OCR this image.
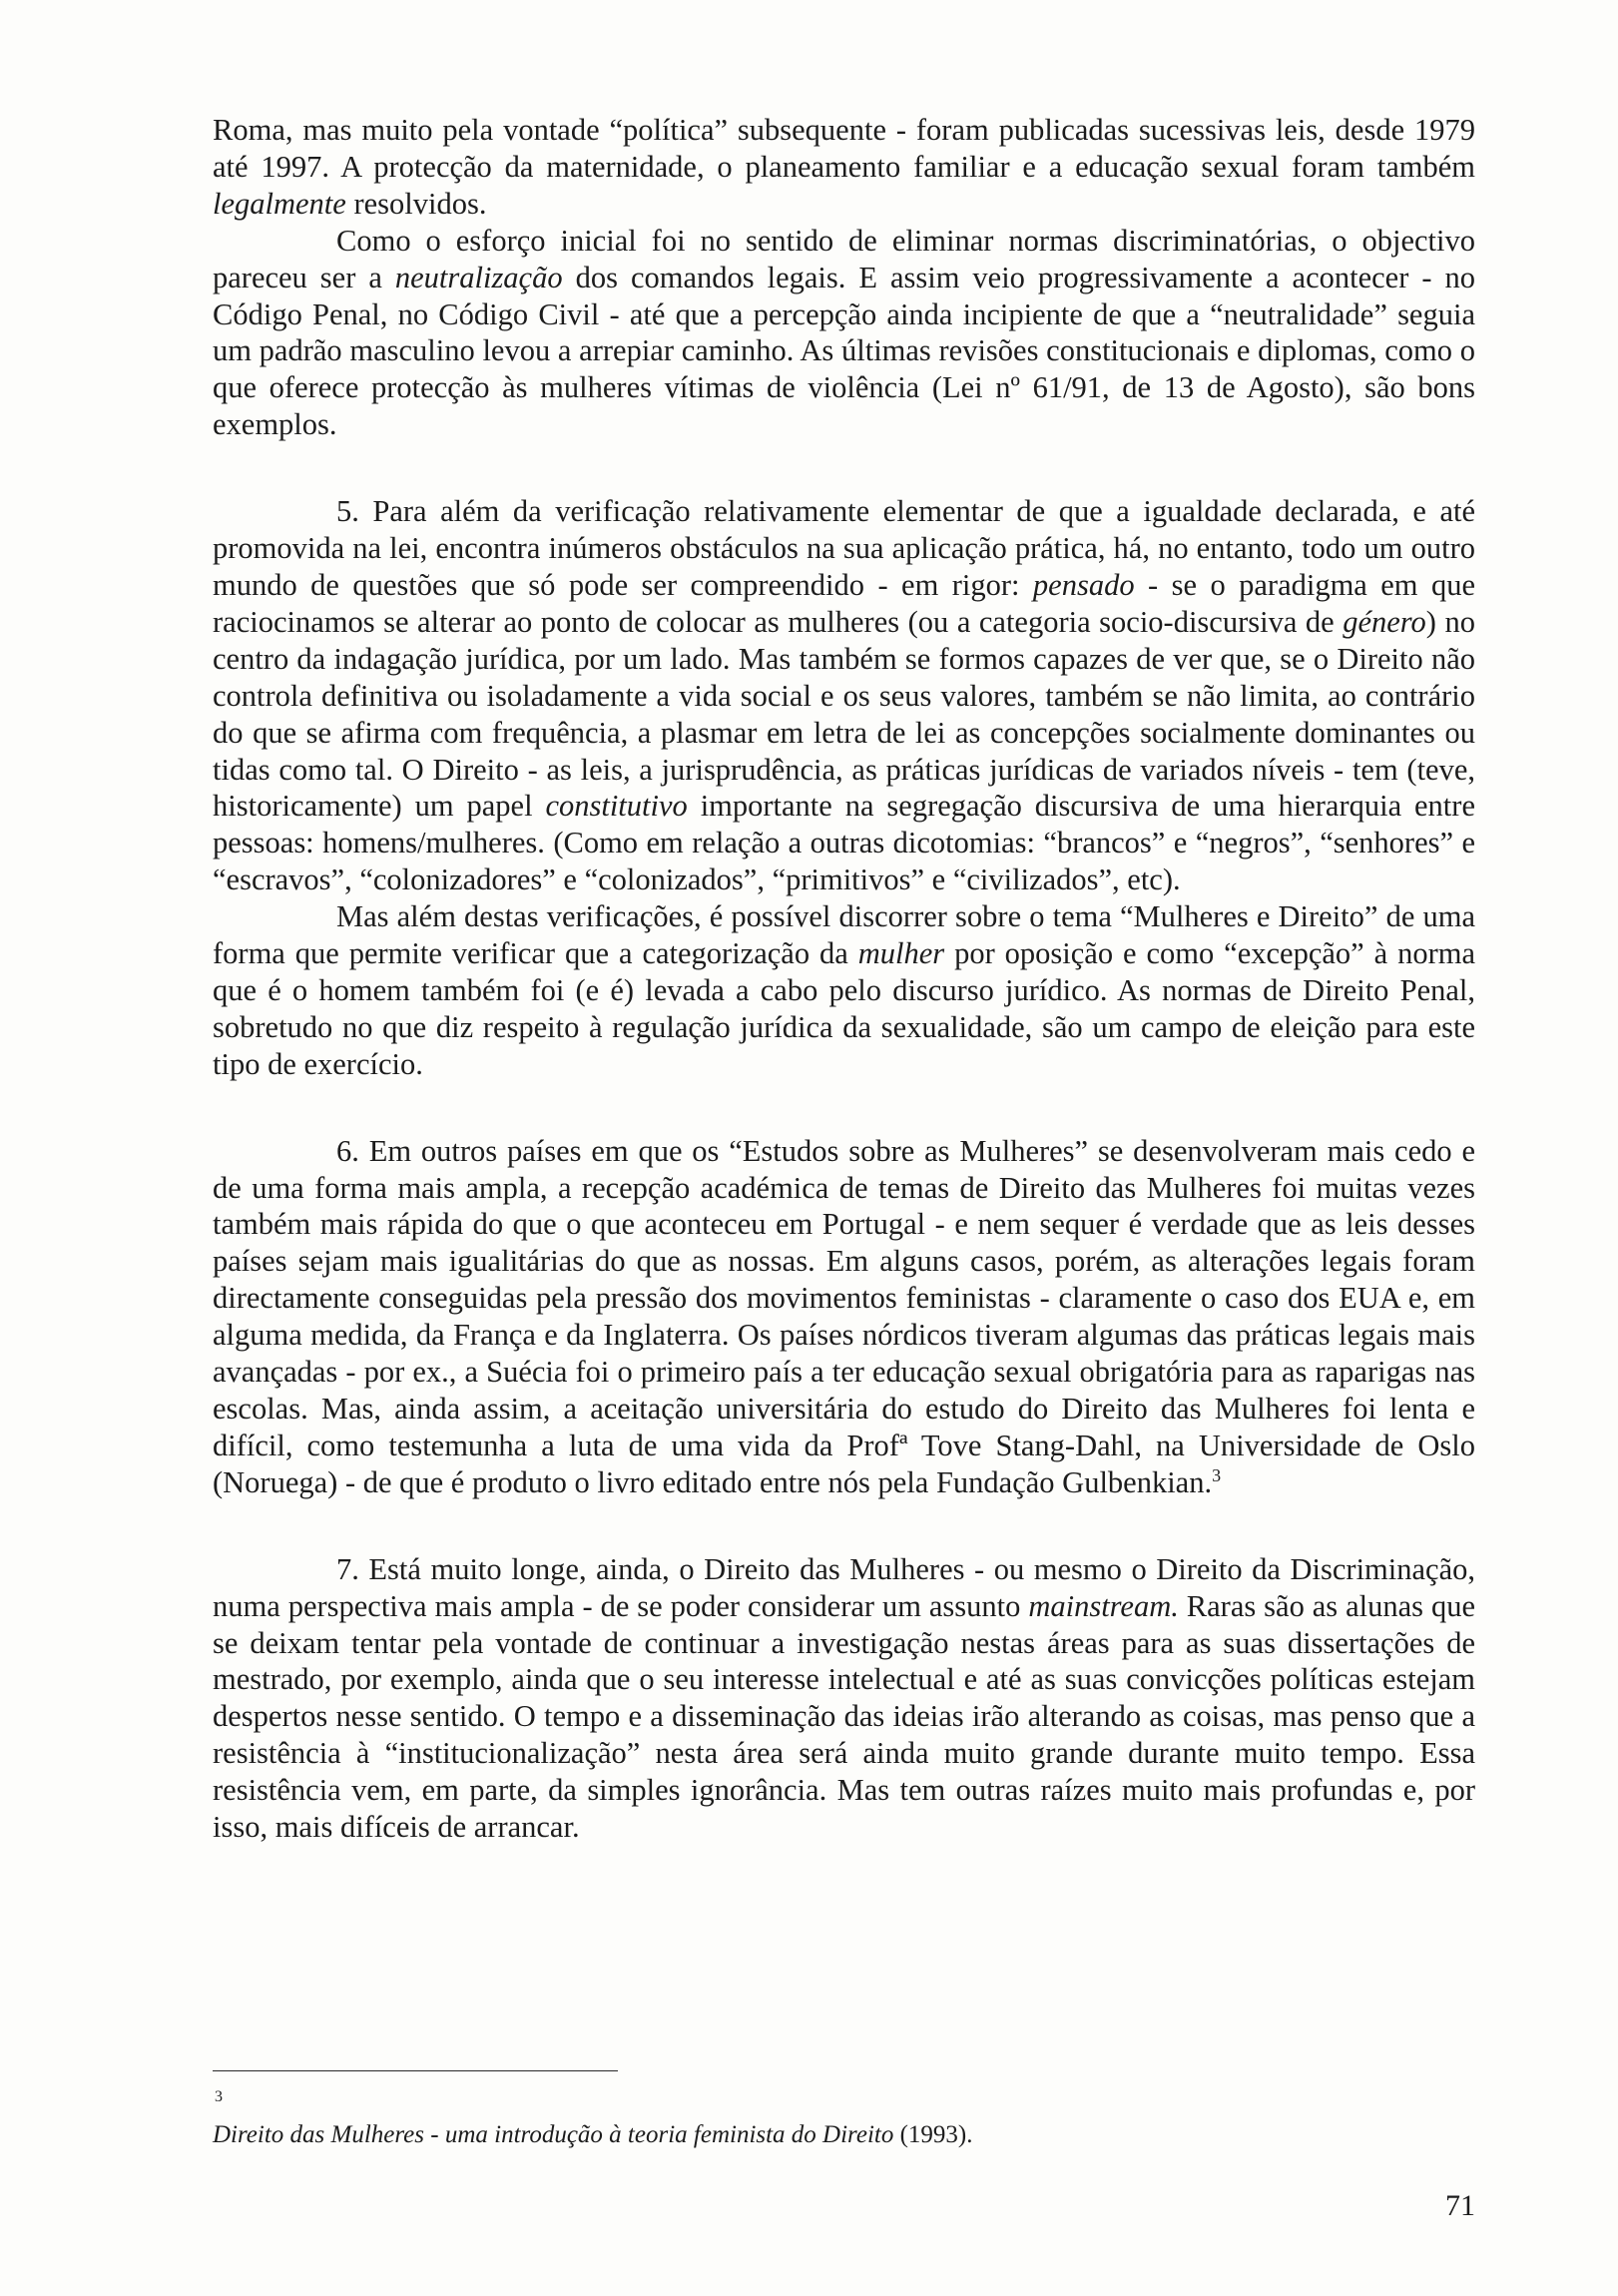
Roma, mas muito pela vontade “política” subsequente - foram publicadas sucessivas leis, desde 1979 até 1997. A protecção da maternidade, o planeamento familiar e a educação sexual foram também legalmente resolvidos.

Como o esforço inicial foi no sentido de eliminar normas discriminatórias, o objectivo pareceu ser a neutralização dos comandos legais. E assim veio progressivamente a acontecer - no Código Penal, no Código Civil - até que a percepção ainda incipiente de que a “neutralidade” seguia um padrão masculino levou a arrepiar caminho. As últimas revisões constitucionais e diplomas, como o que oferece protecção às mulheres vítimas de violência (Lei nº 61/91, de 13 de Agosto), são bons exemplos.

5. Para além da verificação relativamente elementar de que a igualdade declarada, e até promovida na lei, encontra inúmeros obstáculos na sua aplicação prática, há, no entanto, todo um outro mundo de questões que só pode ser compreendido - em rigor: pensado - se o paradigma em que raciocinamos se alterar ao ponto de colocar as mulheres (ou a categoria socio-discursiva de género) no centro da indagação jurídica, por um lado. Mas também se formos capazes de ver que, se o Direito não controla definitiva ou isoladamente a vida social e os seus valores, também se não limita, ao contrário do que se afirma com frequência, a plasmar em letra de lei as concepções socialmente dominantes ou tidas como tal. O Direito - as leis, a jurisprudência, as práticas jurídicas de variados níveis - tem (teve, historicamente) um papel constitutivo importante na segregação discursiva de uma hierarquia entre pessoas: homens/mulheres. (Como em relação a outras dicotomias: “brancos” e “negros”, “senhores” e “escravos”, “colonizadores” e “colonizados”, “primitivos” e “civilizados”, etc).

Mas além destas verificações, é possível discorrer sobre o tema “Mulheres e Direito” de uma forma que permite verificar que a categorização da mulher por oposição e como “excepção” à norma que é o homem também foi (e é) levada a cabo pelo discurso jurídico. As normas de Direito Penal, sobretudo no que diz respeito à regulação jurídica da sexualidade, são um campo de eleição para este tipo de exercício.

6. Em outros países em que os “Estudos sobre as Mulheres” se desenvolveram mais cedo e de uma forma mais ampla, a recepção académica de temas de Direito das Mulheres foi muitas vezes também mais rápida do que o que aconteceu em Portugal - e nem sequer é verdade que as leis desses países sejam mais igualitárias do que as nossas. Em alguns casos, porém, as alterações legais foram directamente conseguidas pela pressão dos movimentos feministas - claramente o caso dos EUA e, em alguma medida, da França e da Inglaterra. Os países nórdicos tiveram algumas das práticas legais mais avançadas - por ex., a Suécia foi o primeiro país a ter educação sexual obrigatória para as raparigas nas escolas. Mas, ainda assim, a aceitação universitária do estudo do Direito das Mulheres foi lenta e difícil, como testemunha a luta de uma vida da Profª Tove Stang-Dahl, na Universidade de Oslo (Noruega) - de que é produto o livro editado entre nós pela Fundação Gulbenkian.$^3$

7. Está muito longe, ainda, o Direito das Mulheres - ou mesmo o Direito da Discriminação, numa perspectiva mais ampla - de se poder considerar um assunto mainstream. Raras são as alunas que se deixam tentar pela vontade de continuar a investigação nestas áreas para as suas dissertações de mestrado, por exemplo, ainda que o seu interesse intelectual e até as suas convicções políticas estejam despertos nesse sentido. O tempo e a disseminação das ideias irão alterando as coisas, mas penso que a resistência à “institucionalização” nesta área será ainda muito grande durante muito tempo. Essa resistência vem, em parte, da simples ignorância. Mas tem outras raízes muito mais profundas e, por isso, mais difíceis de arrancar.

3
Direito das Mulheres - uma introdução à teoria feminista do Direito (1993).
71
